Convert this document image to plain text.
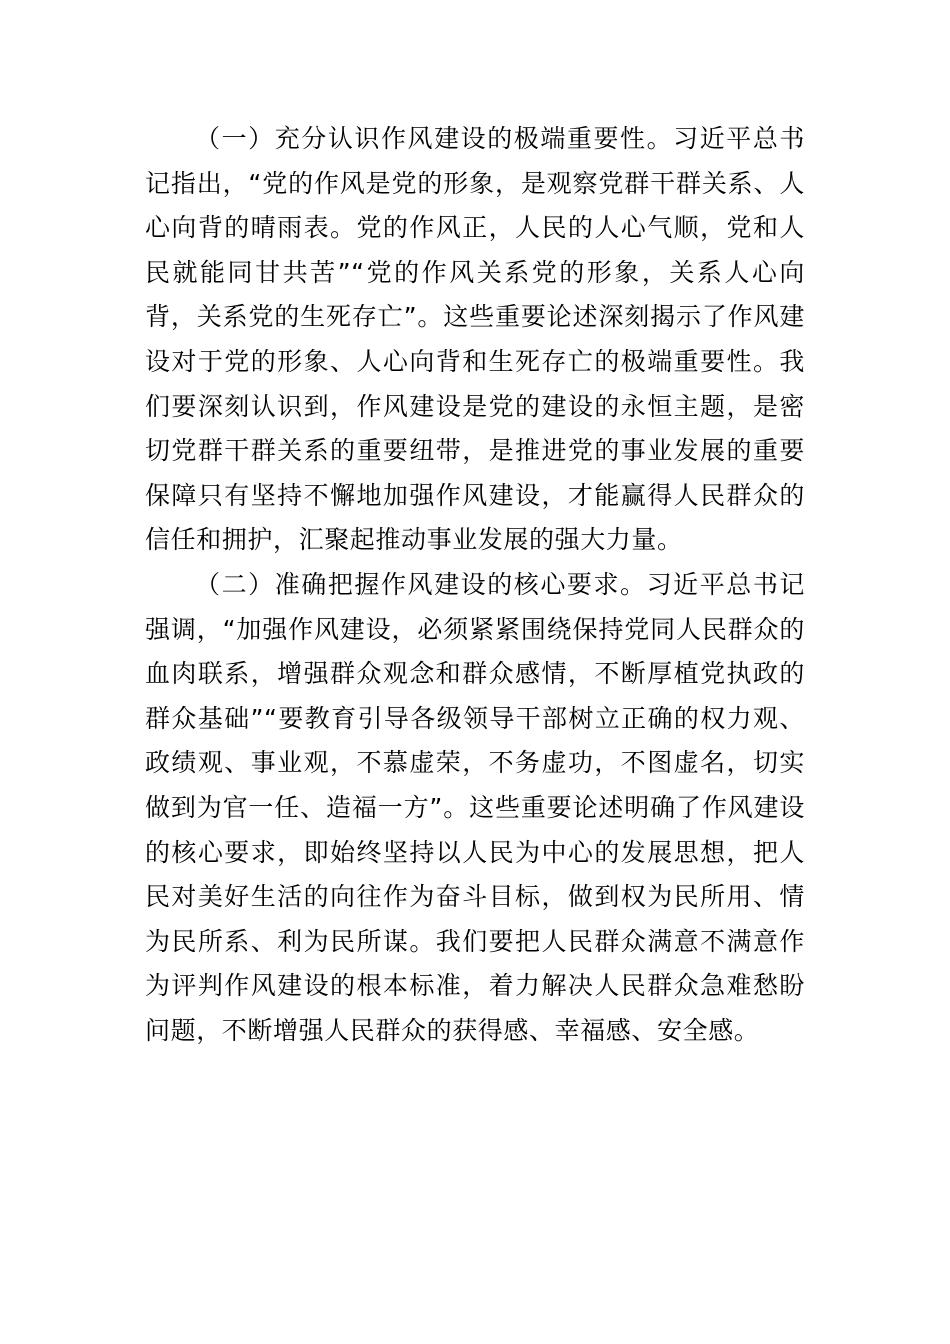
（一）充分认识作风建设的极端重要性。习近平总书记指出，“党的作风是党的形象，是观察党群干群关系、人心向背的晴雨表。党的作风正，人民的人心气顺，党和人民就能同甘共苦”“党的作风关系党的形象，关系人心向背，关系党的生死存亡”。这些重要论述深刻揭示了作风建设对于党的形象、人心向背和生死存亡的极端重要性。我们要深刻认识到，作风建设是党的建设的永恒主题，是密切党群干群关系的重要纽带，是推进党的事业发展的重要保障只有坚持不懈地加强作风建设，才能赢得人民群众的信任和拥护，汇聚起推动事业发展的强大力量。

（二）准确把握作风建设的核心要求。习近平总书记强调，“加强作风建设，必须紧紧围绕保持党同人民群众的血肉联系，增强群众观念和群众感情，不断厚植党执政的群众基础”“要教育引导各级领导干部树立正确的权力观、政绩观、事业观，不慕虚荣，不务虚功，不图虚名，切实做到为官一任、造福一方”。这些重要论述明确了作风建设的核心要求，即始终坚持以人民为中心的发展思想，把人民对美好生活的向往作为奋斗目标，做到权为民所用、情为民所系、利为民所谋。我们要把人民群众满意不满意作为评判作风建设的根本标准，着力解决人民群众急难愁盼问题，不断增强人民群众的获得感、幸福感、安全感。
